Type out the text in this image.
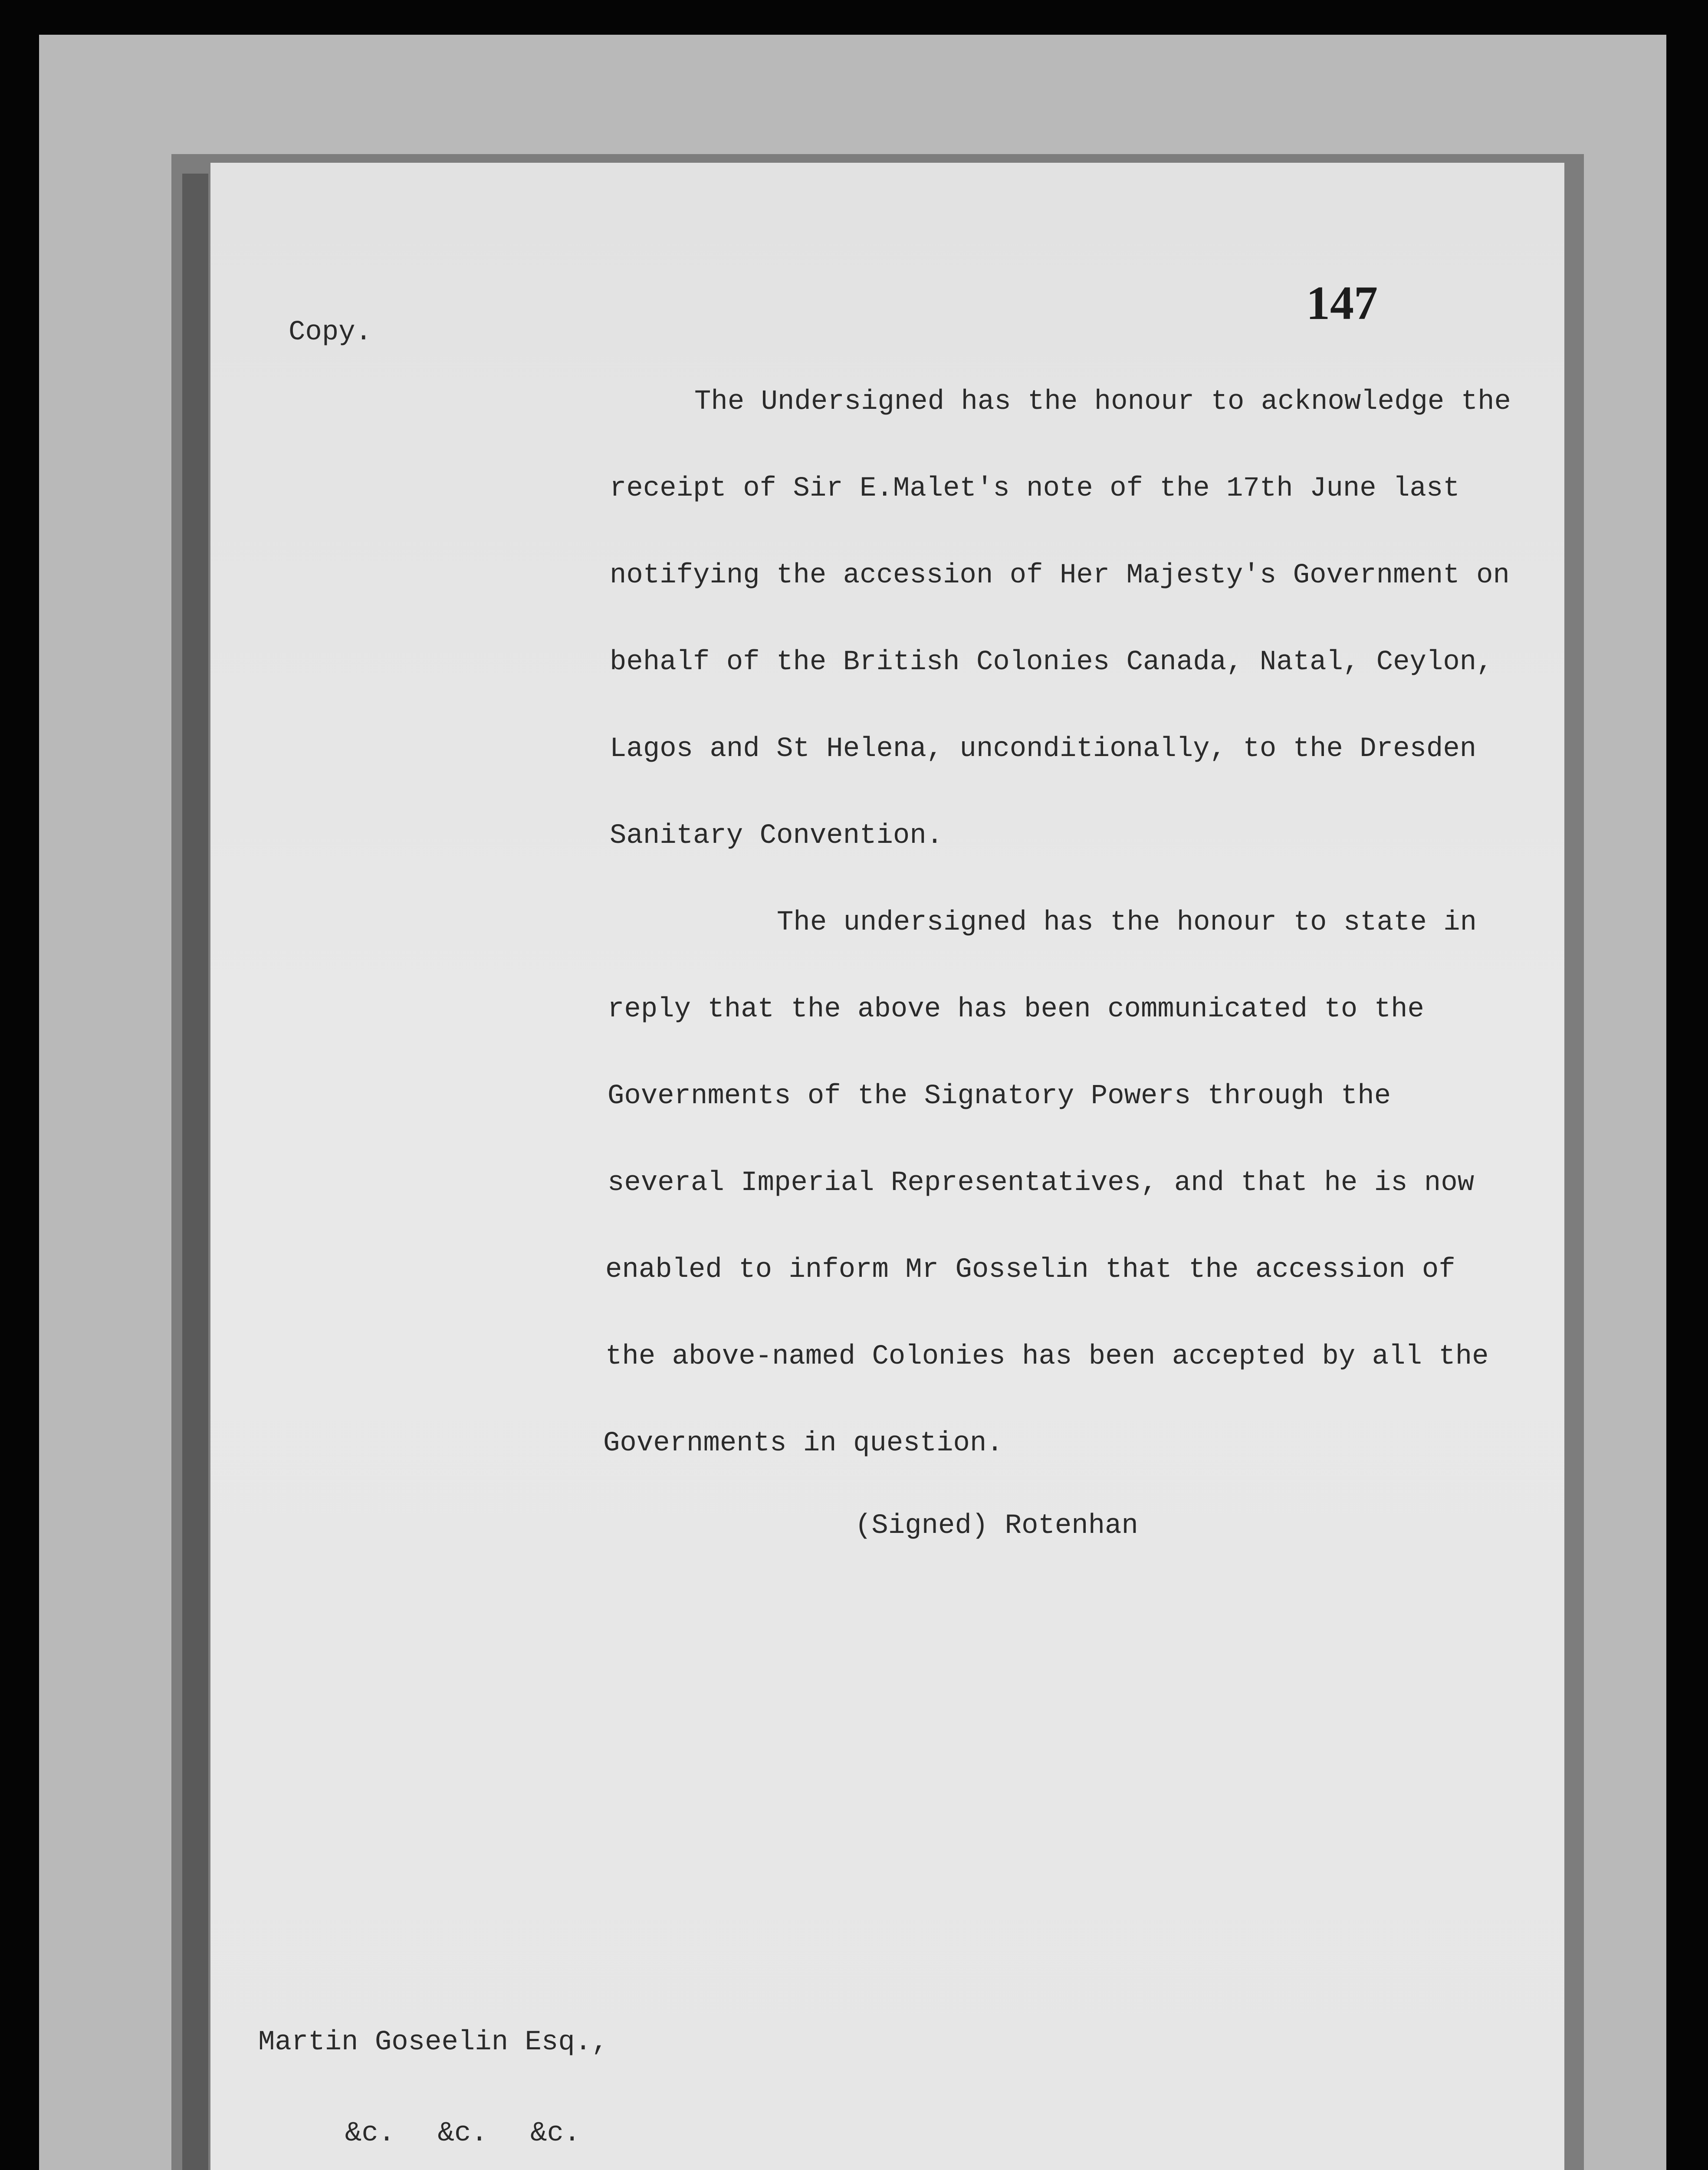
Copy.

147

The Undersigned has the honour to acknowledge the

receipt of Sir E.Malet's note of the 17th June last

notifying the accession of Her Majesty's Government on

behalf of the British Colonies Canada, Natal, Ceylon,

Lagos and St Helena, unconditionally, to the Dresden

Sanitary Convention.

The undersigned has the honour to state in

reply that the above has been communicated to the

Governments of the Signatory Powers through the

several Imperial Representatives, and that he is now

enabled to inform Mr Gosselin that the accession of

the above-named Colonies has been accepted by all the

Governments in question.

(Signed) Rotenhan

Martin Goseelin Esq.,

&c. &c. &c.
